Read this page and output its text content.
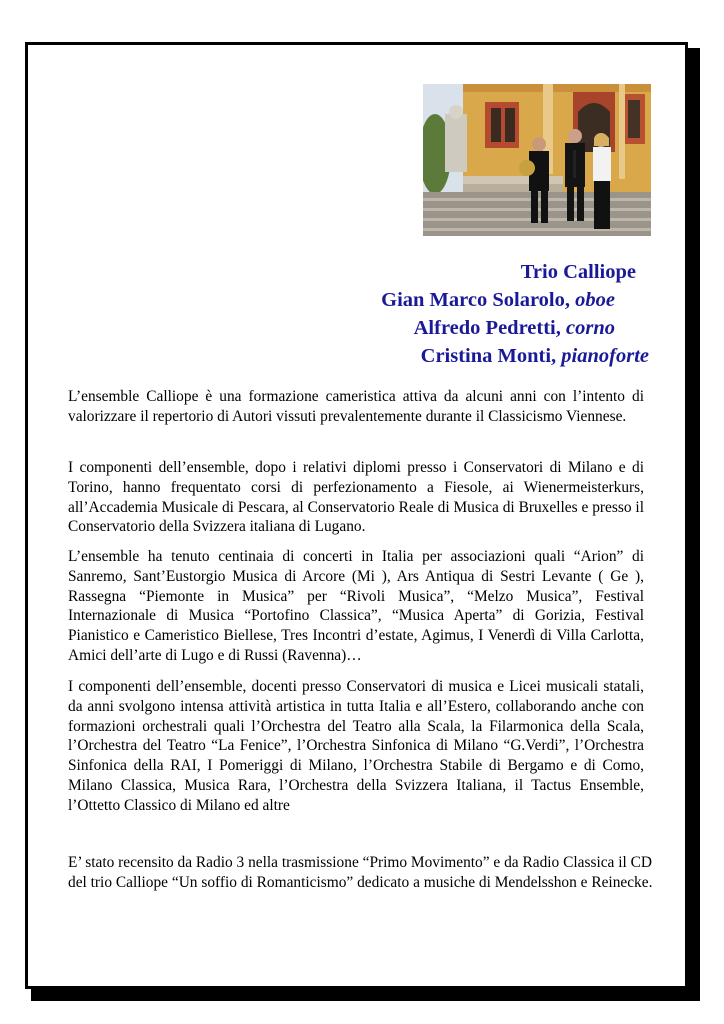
Trio Calliope
Gian Marco Solarolo, oboe
Alfredo Pedretti, corno
Cristina Monti, pianoforte
L’ensemble Calliope è una formazione cameristica attiva da alcuni anni con l’intento di valorizzare il repertorio di Autori vissuti prevalentemente durante il Classicismo Viennese.
I componenti dell’ensemble, dopo i relativi diplomi presso i Conservatori di Milano e di Torino, hanno frequentato corsi di perfezionamento a Fiesole, ai Wienermeisterkurs, all’Accademia Musicale di Pescara, al Conservatorio Reale di Musica di Bruxelles e presso il Conservatorio della Svizzera italiana di Lugano.
L’ensemble ha tenuto centinaia di concerti in Italia per associazioni quali “Arion” di Sanremo, Sant’Eustorgio Musica di Arcore (Mi ), Ars Antiqua di Sestri Levante ( Ge ), Rassegna “Piemonte in Musica” per “Rivoli Musica”, “Melzo Musica”, Festival Internazionale di Musica “Portofino Classica”, “Musica Aperta” di Gorizia, Festival Pianistico e Cameristico Biellese, Tres Incontri d’estate, Agimus, I Venerdì di Villa Carlotta, Amici dell’arte di Lugo e di Russi (Ravenna)…
I componenti dell’ensemble, docenti presso Conservatori di musica e Licei musicali statali, da anni svolgono intensa attività artistica in tutta Italia e all’Estero, collaborando anche con formazioni orchestrali quali l’Orchestra del Teatro alla Scala, la Filarmonica della Scala, l’Orchestra del Teatro “La Fenice”, l’Orchestra Sinfonica di Milano “G.Verdi”, l’Orchestra Sinfonica della RAI, I Pomeriggi di Milano, l’Orchestra Stabile di Bergamo e di Como, Milano Classica, Musica Rara, l’Orchestra della Svizzera Italiana, il Tactus Ensemble, l’Ottetto Classico di Milano ed altre
E’ stato recensito da Radio 3 nella trasmissione “Primo Movimento” e da Radio Classica il CD del trio Calliope “Un soffio di Romanticismo” dedicato a musiche di Mendelsshon e Reinecke.
